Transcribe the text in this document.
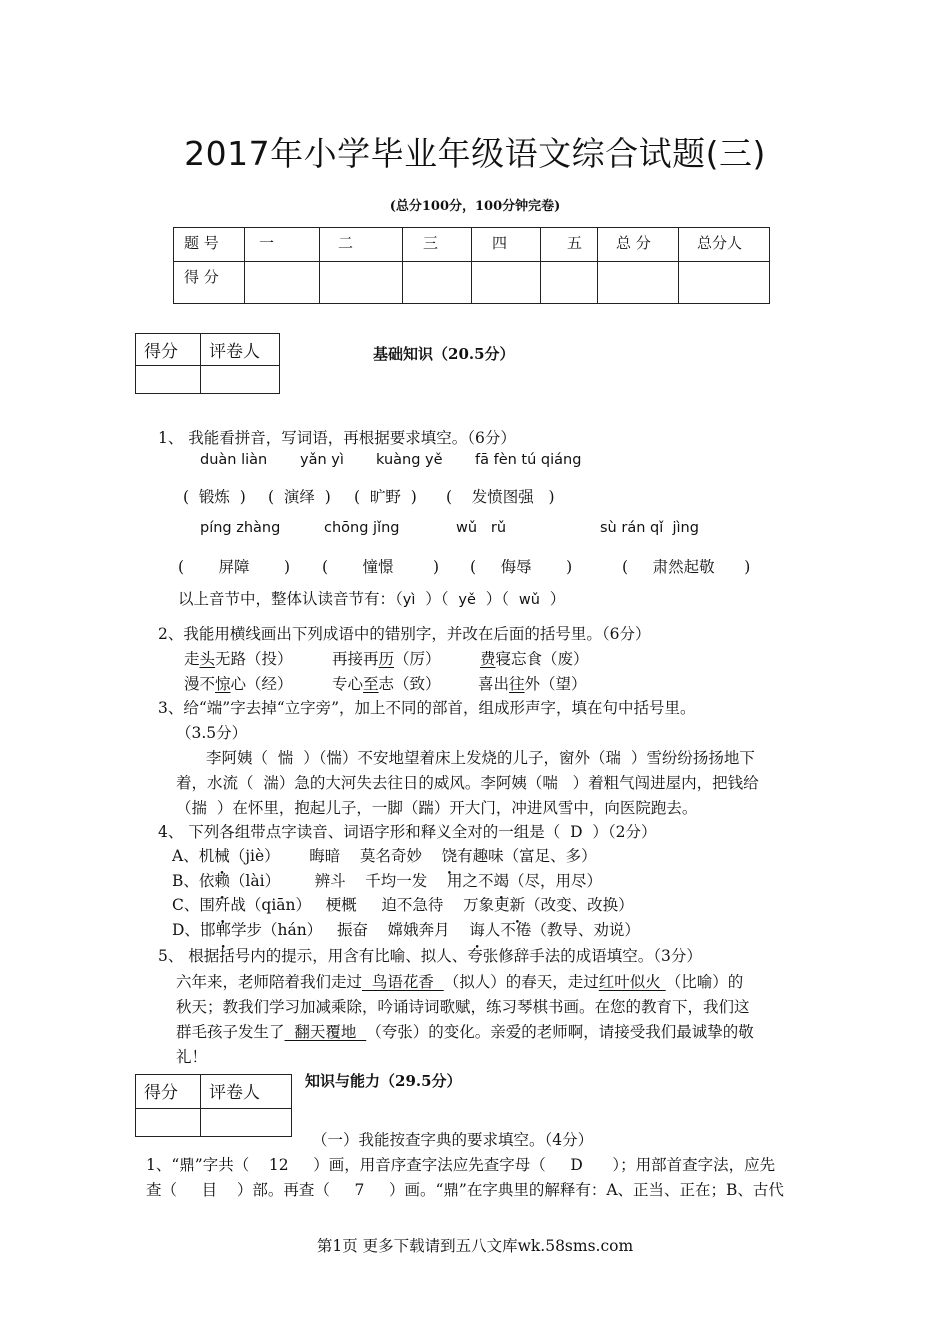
2017年小学毕业年级语文综合试题(三)
(总分100分，100分钟完卷)
题 号	一	二	三	四	五	总 分	总分人
得 分							
得分	评卷人
		基础知识（20.5分）
1、 我能看拼音，写词语，再根据要求填空。（6分）
duàn liàn yǎn yì kuàng yě fā fèn tú qiáng
(  锻炼  ) (  演绎  ) (  旷野  ) (    发愤图强   )
píng zhàng	chōng jǐng	wǔ   rǔ	sù rán qǐ  jìng
(       屏障       ) (       憧憬        ) (     侮辱       )	(     肃然起敬      )
以上音节中，整体认读音节有：（yì  ）（  yě  ）（  wǔ  ）
2、我能用横线画出下列成语中的错别字，并改在后面的括号里。（6分）
走头无路（投）	再接再历（厉）	费寝忘食（废）
漫不惊心（经）	专心至志（致） 喜出往外（望）
3、给“端”字去掉“立字旁”，加上不同的部首，组成形声字，填在句中括号里。
（3.5分）
李阿姨（  惴  ）（惴）不安地望着床上发烧的儿子，窗外（瑞  ）雪纷纷扬扬地下
着，水流（  湍）急的大河失去往日的威风。李阿姨（喘   ）着粗气闯进屋内，把钱给
（揣  ）在怀里，抱起儿子，一脚（踹）开大门，冲进风雪中，向医院跑去。
4、 下列各组带点字读音、词语字形和释义全对的一组是（  D  ）（2分）
A、机械（jiè）      晦暗    莫名奇妙    饶有趣味（富足、多）
B、依赖（lài）       辨斗    千均一发    用之不竭（尽，用尽）
C、围歼战（qiān）   梗概     迫不急待    万象更新（改变、改换）
D、邯郸学步（hán）   振奋    嫦娥奔月    诲人不倦（教导、劝说）
5、 根据括号内的提示，用含有比喻、拟人、夸张修辞手法的成语填空。（3分）
六年来，老师陪着我们走过  鸟语花香  （拟人）的春天，走过红叶似火 （比喻）的
秋天；教我们学习加减乘除，吟诵诗词歌赋，练习琴棋书画。在您的教育下，我们这
群毛孩子发生了  翻天覆地  （夸张）的变化。亲爱的老师啊，请接受我们最诚挚的敬
礼！
得分	评卷人

知识与能力（29.5分）
（一）我能按查字典的要求填空。（4分）
1、“鼎”字共（    12     ）画，用音序查字法应先查字母（     D      ）；用部首查字法，应先
查（     目    ）部。再查（     7     ）画。“鼎”在字典里的解释有：A、正当、正在；B、古代
第1页 更多下载请到五八文库wk.58sms.com
